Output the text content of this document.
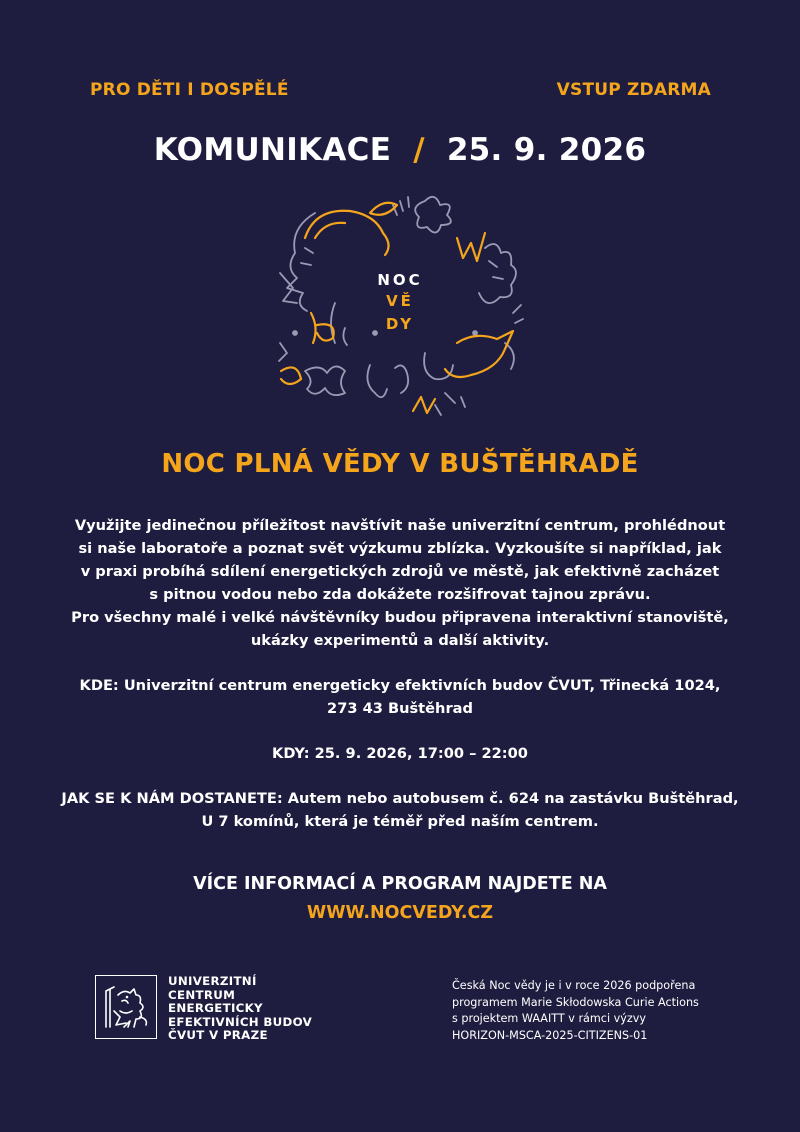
PRO DĚTI I DOSPĚLÉ	VSTUP ZDARMA
KOMUNIKACE / 25. 9. 2026
NOC
VĚ
DY
NOC PLNÁ VĚDY V BUŠTĚHRADĚ

Využijte jedinečnou příležitost navštívit naše univerzitní centrum, prohlédnout

si naše laboratoře a poznat svět výzkumu zblízka. Vyzkoušíte si například, jak

v praxi probíhá sdílení energetických zdrojů ve městě, jak efektivně zacházet

s pitnou vodou nebo zda dokážete rozšifrovat tajnou zprávu.

Pro všechny malé i velké návštěvníky budou připravena interaktivní stanoviště,

ukázky experimentů a další aktivity.

KDE: Univerzitní centrum energeticky efektivních budov ČVUT, Třinecká 1024,

273 43 Buštěhrad

KDY: 25. 9. 2026, 17:00 – 22:00

JAK SE K NÁM DOSTANETE: Autem nebo autobusem č. 624 na zastávku Buštěhrad,

U 7 komínů, která je téměř před naším centrem.

VÍCE INFORMACÍ A PROGRAM NAJDETE NA
WWW.NOCVEDY.CZ
UNIVERZITNÍ
CENTRUM
ENERGETICKY
EFEKTIVNÍCH BUDOV
ČVUT V PRAZE
Česká Noc vědy je i v roce 2026 podpořena
programem Marie Skłodowska Curie Actions
s projektem WAAITT v rámci výzvy
HORIZON-MSCA-2025-CITIZENS-01
